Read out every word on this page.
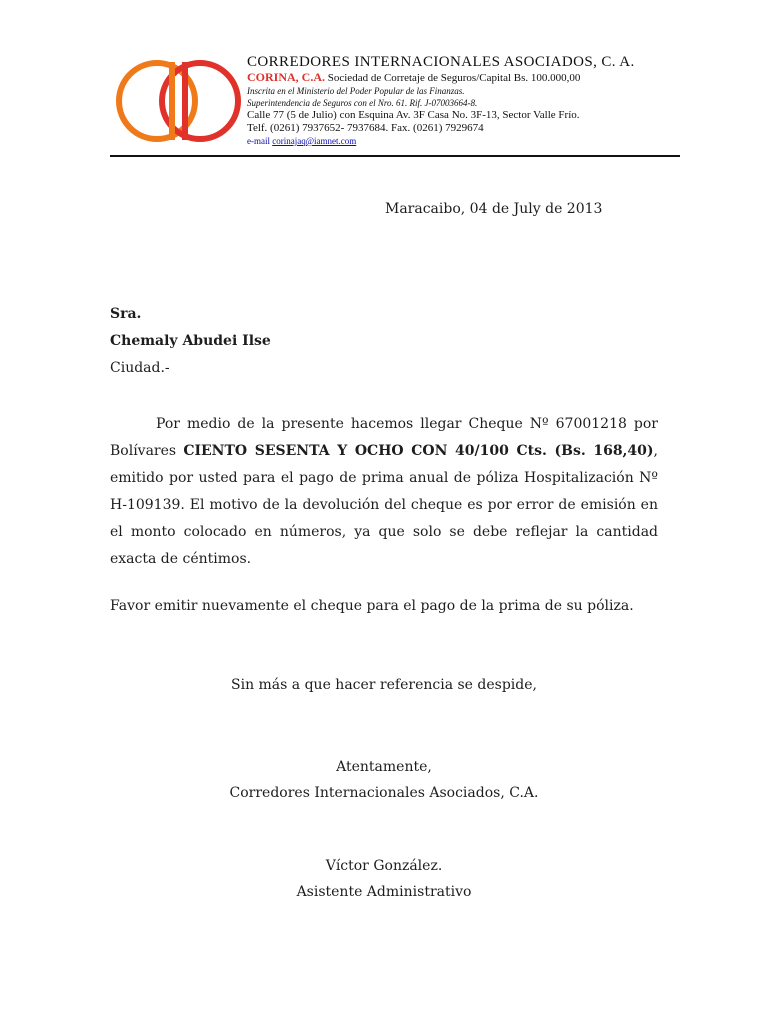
CORREDORES INTERNACIONALES ASOCIADOS, C. A.
CORINA, C.A. Sociedad de Corretaje de Seguros/Capital Bs. 100.000,00
Inscrita en el Ministerio del Poder Popular de las Finanzas.
Superintendencia de Seguros con el Nro. 61. Rif. J-07003664-8.
Calle 77 (5 de Julio) con Esquina Av. 3F Casa No. 3F-13, Sector Valle Frío.
Telf. (0261) 7937652- 7937684. Fax. (0261) 7929674
e-mail corinajaq@iamnet.com
Maracaibo, 04 de July de 2013
Sra.
Chemaly Abudei Ilse
Ciudad.-
Por medio de la presente hacemos llegar Cheque Nº 67001218 por Bolívares CIENTO SESENTA Y OCHO CON 40/100 Cts. (Bs. 168,40), emitido por usted para el pago de prima anual de póliza Hospitalización Nº H-109139. El motivo de la devolución del cheque es por error de emisión en el monto colocado en números, ya que solo se debe reflejar la cantidad exacta de céntimos.
Favor emitir nuevamente el cheque para el pago de la prima de su póliza.
Sin más a que hacer referencia se despide,
Atentamente,
Corredores Internacionales Asociados, C.A.
Víctor González.
Asistente Administrativo
